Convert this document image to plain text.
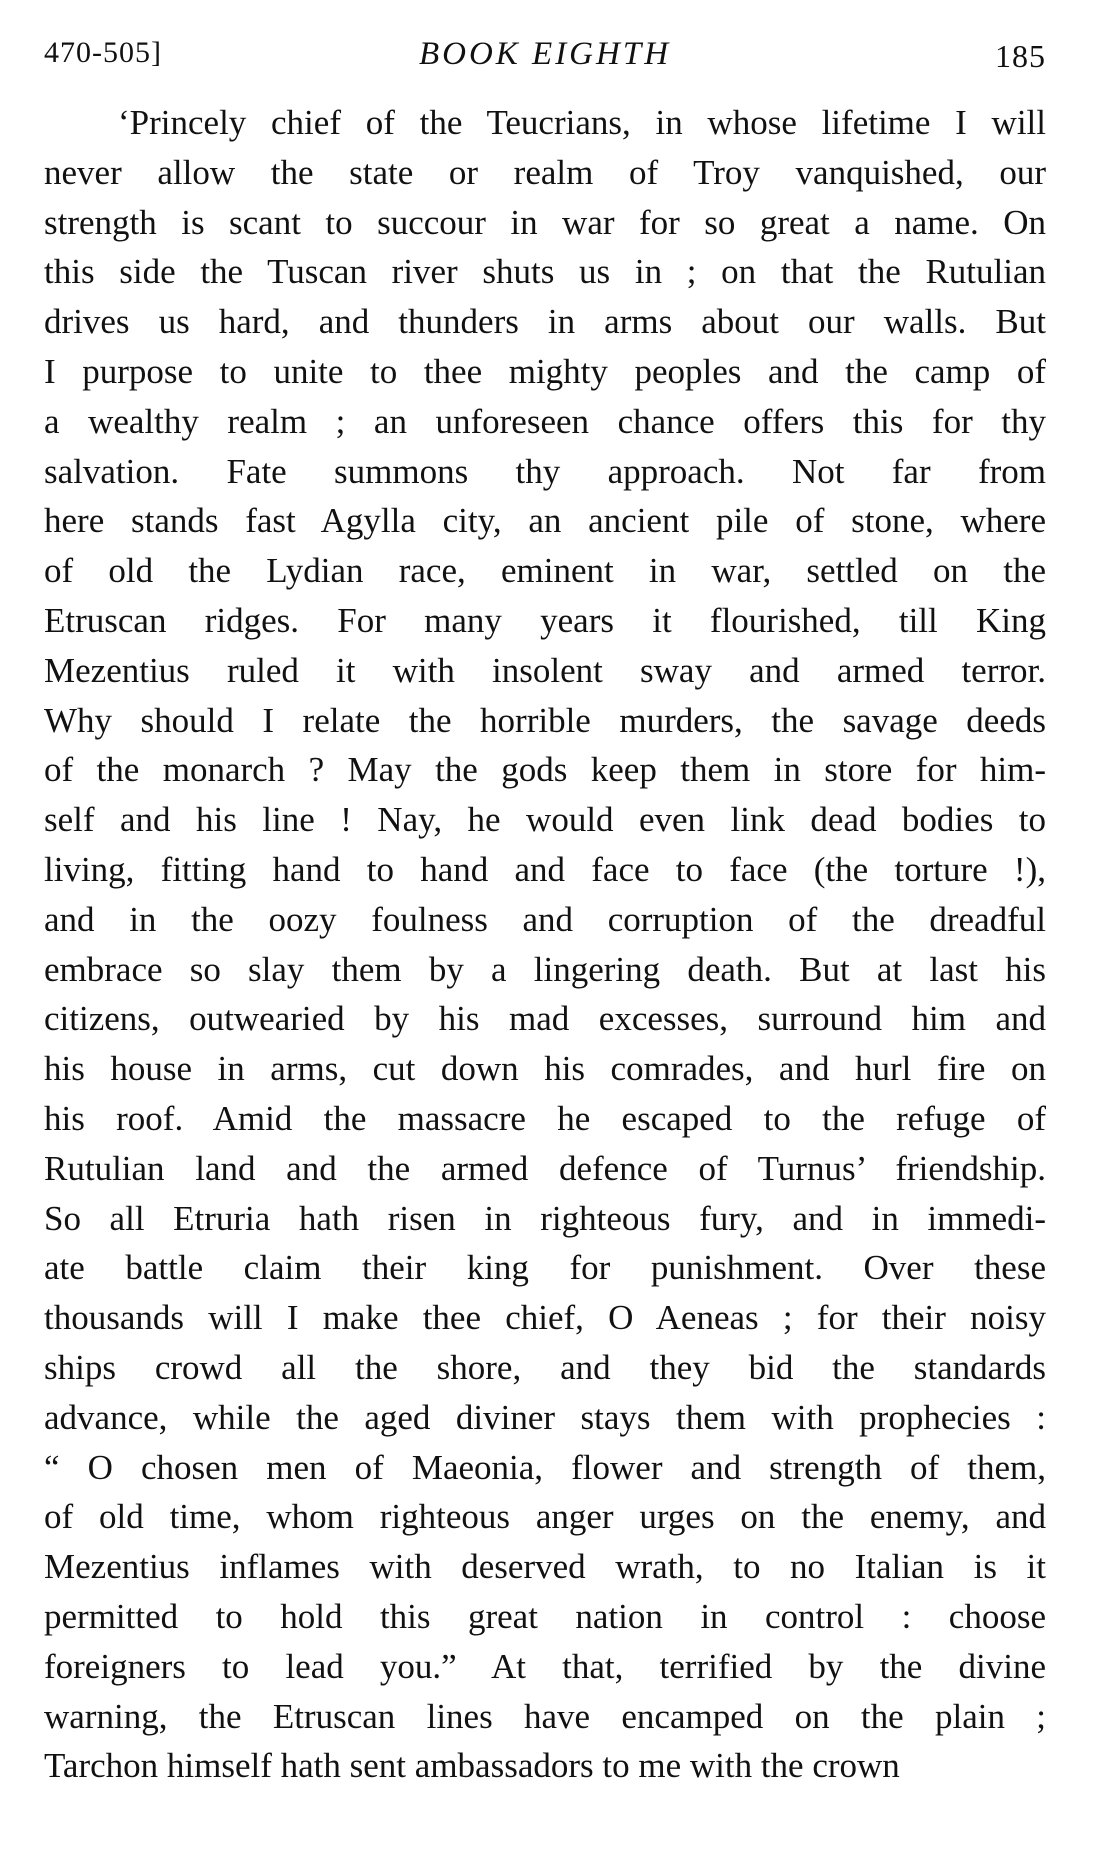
470-505]	BOOK EIGHTH	185
‘Princely chief of the Teucrians, in whose lifetime I will
never allow the state or realm of Troy vanquished, our
strength is scant to succour in war for so great a name. On
this side the Tuscan river shuts us in ; on that the Rutulian
drives us hard, and thunders in arms about our walls. But
I purpose to unite to thee mighty peoples and the camp of
a wealthy realm ; an unforeseen chance offers this for thy
salvation. Fate summons thy approach. Not far from
here stands fast Agylla city, an ancient pile of stone, where
of old the Lydian race, eminent in war, settled on the
Etruscan ridges. For many years it flourished, till King
Mezentius ruled it with insolent sway and armed terror.
Why should I relate the horrible murders, the savage deeds
of the monarch ? May the gods keep them in store for him-
self and his line ! Nay, he would even link dead bodies to
living, fitting hand to hand and face to face (the torture !),
and in the oozy foulness and corruption of the dreadful
embrace so slay them by a lingering death. But at last his
citizens, outwearied by his mad excesses, surround him and
his house in arms, cut down his comrades, and hurl fire on
his roof. Amid the massacre he escaped to the refuge of
Rutulian land and the armed defence of Turnus’ friendship.
So all Etruria hath risen in righteous fury, and in immedi-
ate battle claim their king for punishment. Over these
thousands will I make thee chief, O Aeneas ; for their noisy
ships crowd all the shore, and they bid the standards
advance, while the aged diviner stays them with prophecies :
“ O chosen men of Maeonia, flower and strength of them,
of old time, whom righteous anger urges on the enemy, and
Mezentius inflames with deserved wrath, to no Italian is it
permitted to hold this great nation in control : choose
foreigners to lead you.” At that, terrified by the divine
warning, the Etruscan lines have encamped on the plain ;
Tarchon himself hath sent ambassadors to me with the crown
